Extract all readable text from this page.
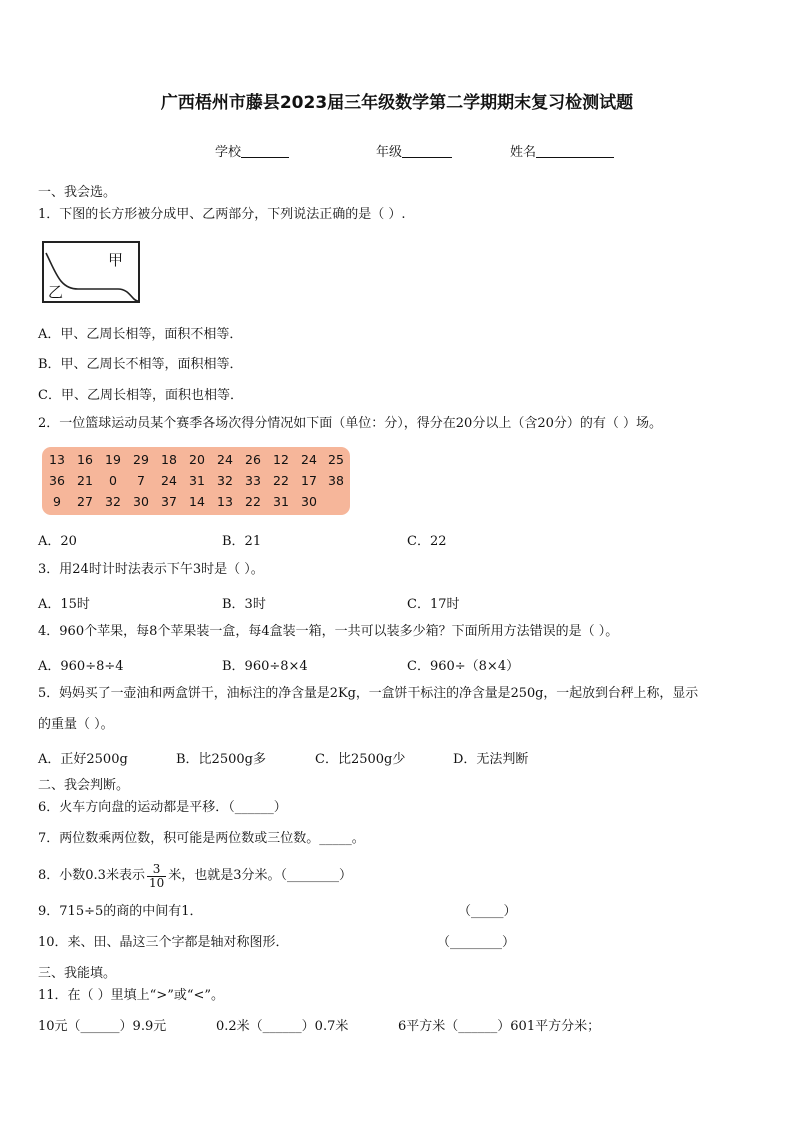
广西梧州市藤县2023届三年级数学第二学期期末复习检测试题
学校	年级	姓名
一、我会选。
1．下图的长方形被分成甲、乙两部分，下列说法正确的是（ ）.
甲
乙
A．甲、乙周长相等，面积不相等．
B．甲、乙周长不相等，面积相等．
C．甲、乙周长相等，面积也相等．
2．一位篮球运动员某个赛季各场次得分情况如下面（单位：分），得分在20分以上（含20分）的有（ ）场。
13 16 19 29 18 20 24 26 12 24 25
36 21	0	7	24 31 32 33 22 17 38
9	27 32 30 37 14 13 22 31 30
A．20	B．21	C．22
3．用24时计时法表示下午3时是（ ）。
A．15时	B．3时	C．17时
4．960个苹果，每8个苹果装一盒，每4盒装一箱，一共可以装多少箱？下面所用方法错误的是（ ）。
A．960÷8÷4	B．960÷8×4	C．960÷（8×4）
5．妈妈买了一壶油和两盒饼干，油标注的净含量是2Kg，一盒饼干标注的净含量是250g，一起放到台秤上称，显示
的重量（ ）。
A．正好2500g	B．比2500g多	C．比2500g少	D．无法判断
二、我会判断。
6．火车方向盘的运动都是平移．（______）
7．两位数乘两位数，积可能是两位数或三位数。_____。
8．小数0.3米表示 $\frac{3}{10}$ 米，也就是3分米。（________）
9．715÷5的商的中间有1．	（_____）
10．来、田、晶这三个字都是轴对称图形．	（________）
三、我能填。
11．在（ ）里填上“>”或“<”。
10元（______）9.9元	0.2米（______）0.7米	6平方米（______）601平方分米；
